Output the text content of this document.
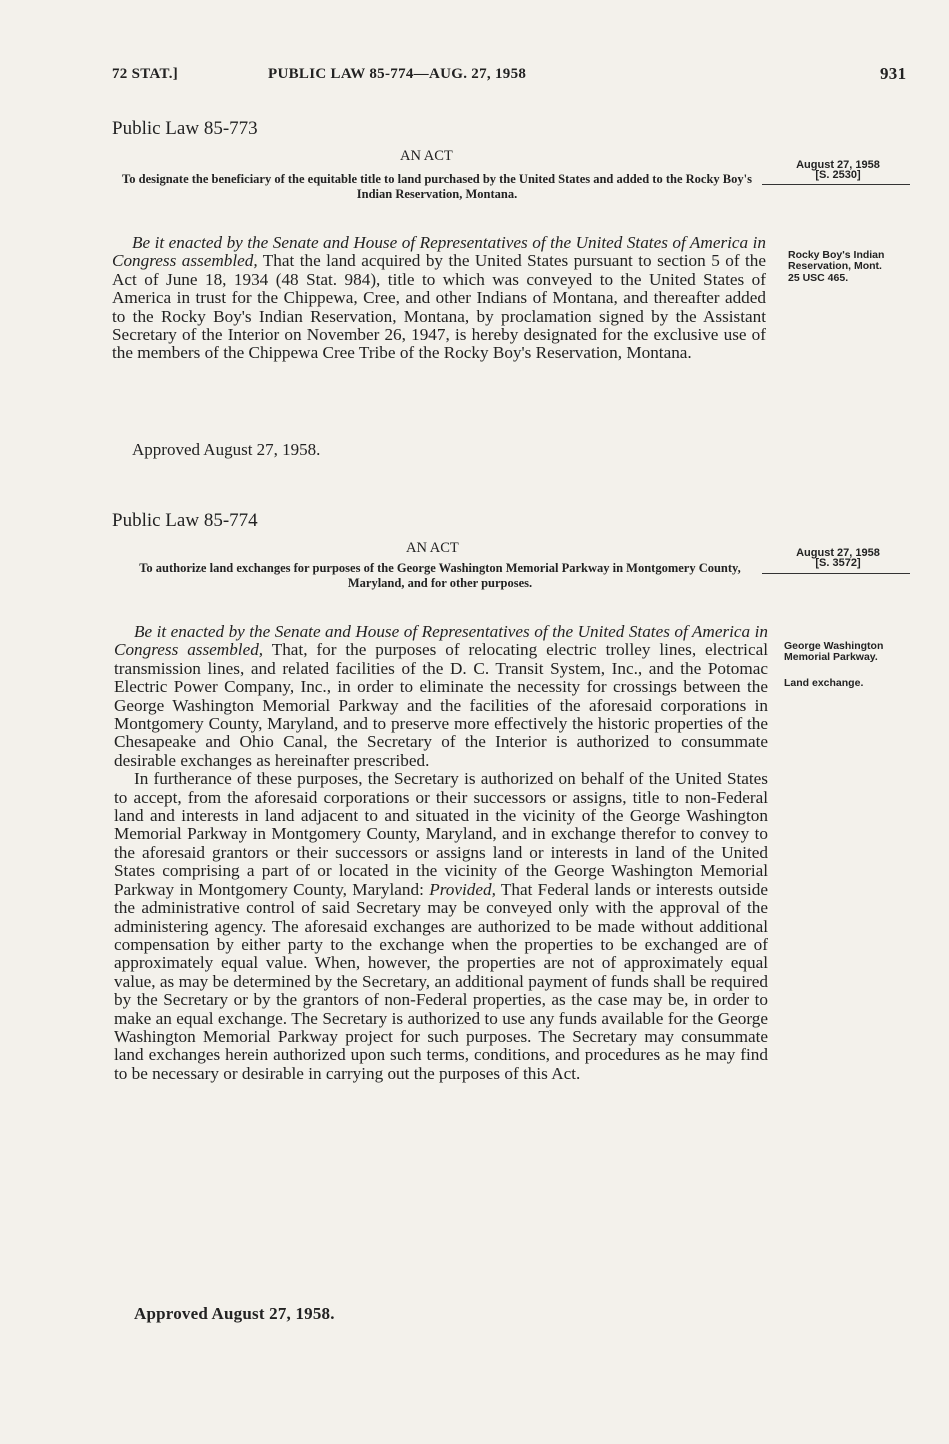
72 STAT.]	PUBLIC LAW 85-774—AUG. 27, 1958	931
Public Law 85-773
AN ACT
To designate the beneficiary of the equitable title to land purchased by the United States and added to the Rocky Boy's Indian Reservation, Montana.
August 27, 1958
[S. 2530]
Rocky Boy's Indian Reservation, Mont.
25 USC 465.
Be it enacted by the Senate and House of Representatives of the United States of America in Congress assembled, That the land acquired by the United States pursuant to section 5 of the Act of June 18, 1934 (48 Stat. 984), title to which was conveyed to the United States of America in trust for the Chippewa, Cree, and other Indians of Montana, and thereafter added to the Rocky Boy's Indian Reservation, Montana, by proclamation signed by the Assistant Secretary of the Interior on November 26, 1947, is hereby designated for the exclusive use of the members of the Chippewa Cree Tribe of the Rocky Boy's Reservation, Montana.
Approved August 27, 1958.
Public Law 85-774
AN ACT
To authorize land exchanges for purposes of the George Washington Memorial Parkway in Montgomery County, Maryland, and for other purposes.
August 27, 1958
[S. 3572]
George Washington Memorial Parkway.
Land exchange.
Be it enacted by the Senate and House of Representatives of the United States of America in Congress assembled, That, for the purposes of relocating electric trolley lines, electrical transmission lines, and related facilities of the D. C. Transit System, Inc., and the Potomac Electric Power Company, Inc., in order to eliminate the necessity for crossings between the George Washington Memorial Parkway and the facilities of the aforesaid corporations in Montgomery County, Maryland, and to preserve more effectively the historic properties of the Chesapeake and Ohio Canal, the Secretary of the Interior is authorized to consummate desirable exchanges as hereinafter prescribed.
In furtherance of these purposes, the Secretary is authorized on behalf of the United States to accept, from the aforesaid corporations or their successors or assigns, title to non-Federal land and interests in land adjacent to and situated in the vicinity of the George Washington Memorial Parkway in Montgomery County, Maryland, and in exchange therefor to convey to the aforesaid grantors or their successors or assigns land or interests in land of the United States comprising a part of or located in the vicinity of the George Washington Memorial Parkway in Montgomery County, Maryland: Provided, That Federal lands or interests outside the administrative control of said Secretary may be conveyed only with the approval of the administering agency. The aforesaid exchanges are authorized to be made without additional compensation by either party to the exchange when the properties to be exchanged are of approximately equal value. When, however, the properties are not of approximately equal value, as may be determined by the Secretary, an additional payment of funds shall be required by the Secretary or by the grantors of non-Federal properties, as the case may be, in order to make an equal exchange. The Secretary is authorized to use any funds available for the George Washington Memorial Parkway project for such purposes. The Secretary may consummate land exchanges herein authorized upon such terms, conditions, and procedures as he may find to be necessary or desirable in carrying out the purposes of this Act.
Approved August 27, 1958.
